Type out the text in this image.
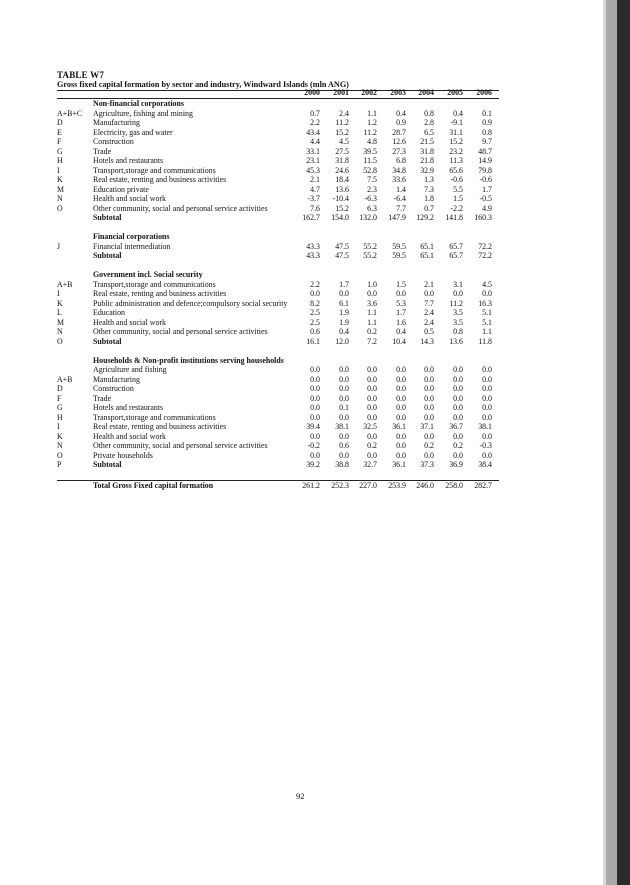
TABLE W7
Gross fixed capital formation by sector and industry, Windward Islands (mln ANG)
2000	2001	2002	2003	2004	2005	2006
Non-financial corporations
A+B+C Agriculture, fishing and mining	0.7	2.4	1.1	0.4	0.8	0.4	0.1
D	Manufacturing	2.2	11.2	1.2	0.9	2.8	-9.1	0.9
E	Electricity, gas and water	43.4	15.2	11.2	28.7	6.5	31.1	0.8
F	Construction	4.4	4.5	4.8	12.6	21.5	15.2	9.7
G	Trade	33.1	27.5	39.5	27.3	31.8	23.2	48.7
H	Hotels and restaurants	23.1	31.8	11.5	6.8	21.8	11.3	14.9
I	Transport,storage and communications	45.3	24.6	52.8	34.8	32.9	65.6	79.8
K	Real estate, renting and business activities	2.1	18.4	7.5	33.6	1.3	-0.6	-0.6
M	Education private	4.7	13.6	2.3	1.4	7.3	5.5	1.7
N	Health and social work	-3.7	-10.4	-6.3	-6.4	1.8	1.5	-0.5
O	Other community, social and personal service activities	7.6	15.2	6.3	7.7	0.7	-2.2	4.9
Subtotal	162.7	154.0	132.0	147.9	129.2	141.8	160.3
Financial corporations
J	Financial intermediation	43.3	47.5	55.2	59.5	65.1	65.7	72.2
Subtotal	43.3	47.5	55.2	59.5	65.1	65.7	72.2
Government incl. Social security
A+B	Transport,storage and communications	2.2	1.7	1.0	1.5	2.1	3.1	4.5
I	Real estate, renting and business activities	0.0	0.0	0.0	0.0	0.0	0.0	0.0
K	Public administration and defence;compulsory social security	8.2	6.1	3.6	5.3	7.7	11.2	16.3
L	Education	2.5	1.9	1.1	1.7	2.4	3.5	5.1
M	Health and social work	2.5	1.9	1.1	1.6	2.4	3.5	5.1
N	Other community, social and personal service activities	0.6	0.4	0.2	0.4	0.5	0.8	1.1
O	Subtotal	16.1	12.0	7.2	10.4	14.3	13.6	11.8
Households & Non-profit institutions serving households
Agriculture and fishing	0.0	0.0	0.0	0.0	0.0	0.0	0.0
A+B	Manufacturing	0.0	0.0	0.0	0.0	0.0	0.0	0.0
D	Construction	0.0	0.0	0.0	0.0	0.0	0.0	0.0
F	Trade	0.0	0.0	0.0	0.0	0.0	0.0	0.0
G	Hotels and restaurants	0.0	0.1	0.0	0.0	0.0	0.0	0.0
H	Transport,storage and communications	0.0	0.0	0.0	0.0	0.0	0.0	0.0
I	Real estate, renting and business activities	39.4	38.1	32.5	36.1	37.1	36.7	38.1
K	Health and social work	0.0	0.0	0.0	0.0	0.0	0.0	0.0
N	Other community, social and personal service activities	-0.2	0.6	0.2	0.0	0.2	0.2	-0.3
O	Private households	0.0	0.0	0.0	0.0	0.0	0.0	0.0
P	Subtotal	39.2	38.8	32.7	36.1	37.3	36.9	38.4
Total Gross Fixed capital formation	261.2	252.3	227.0	253.9	246.0	258.0	282.7
92
